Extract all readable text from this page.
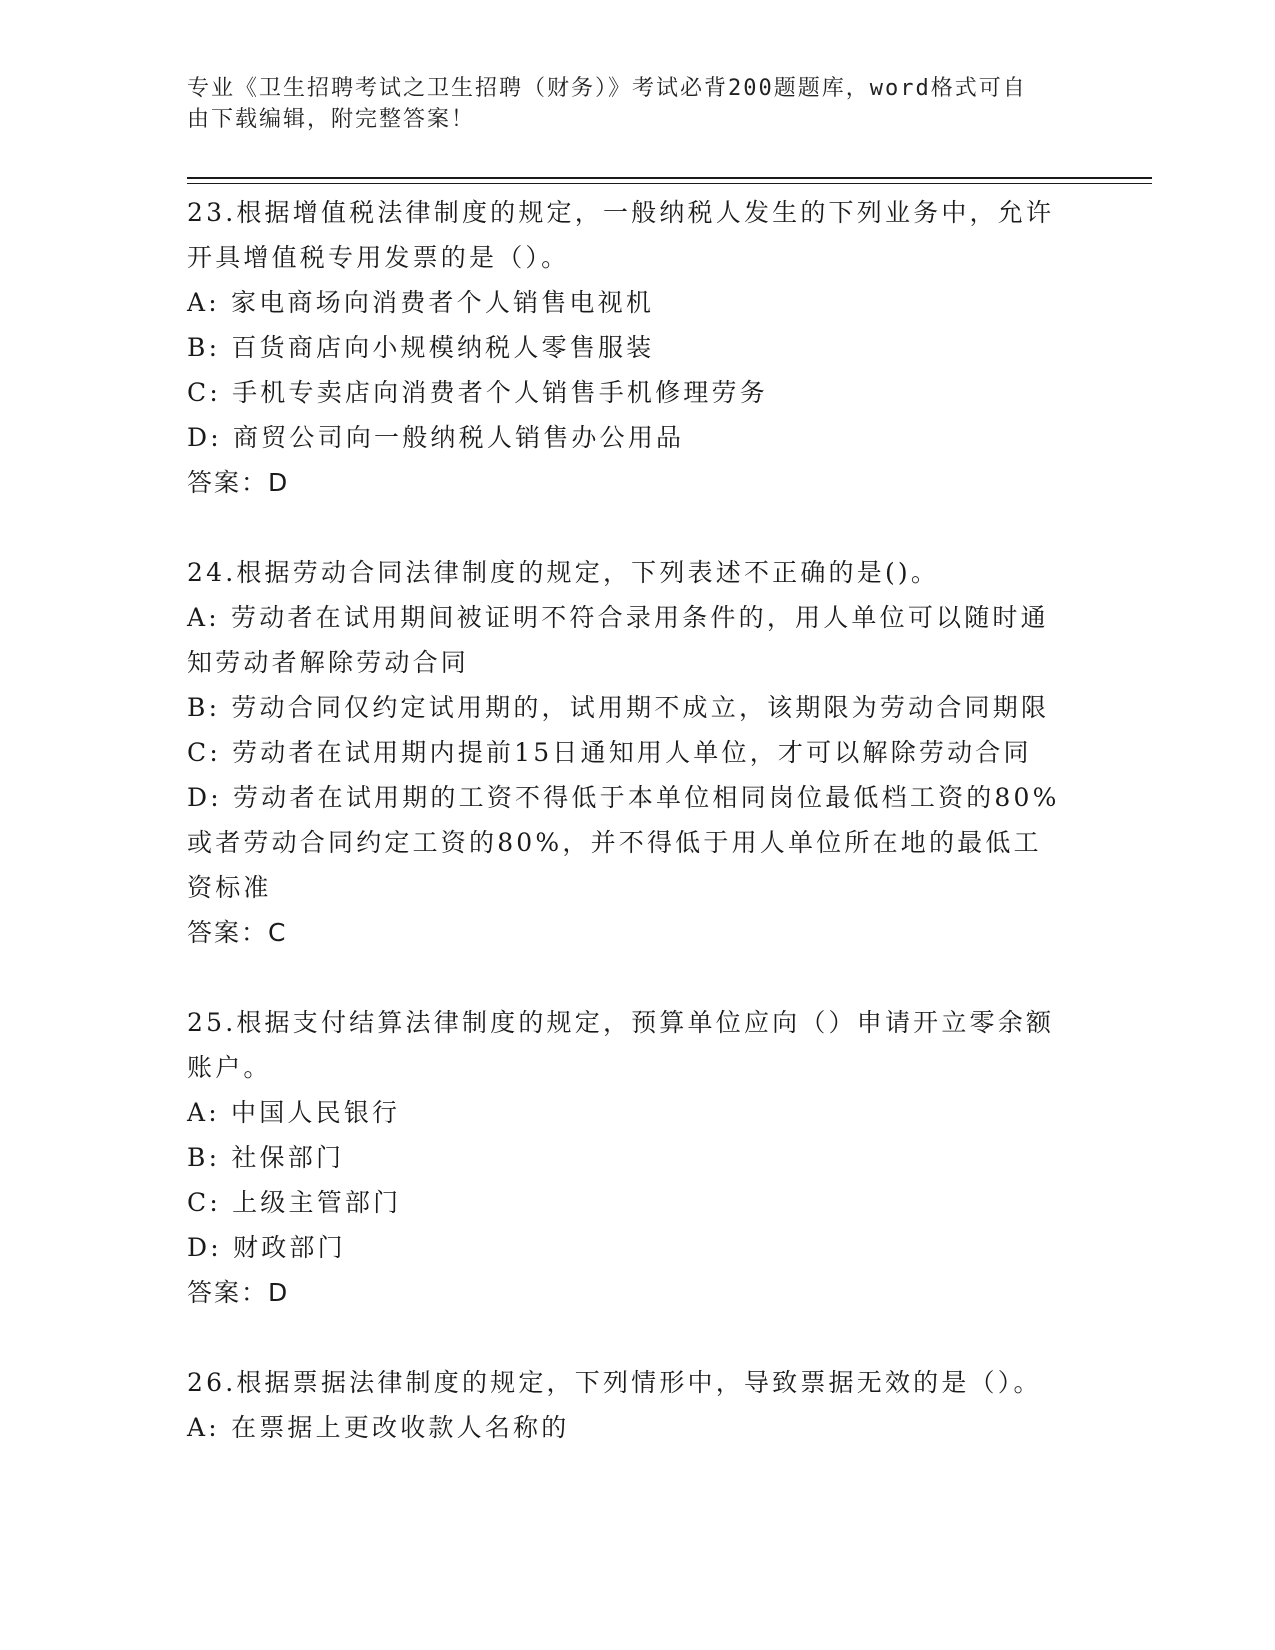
专业《卫生招聘考试之卫生招聘（财务）》考试必背200题题库，word格式可自
由下载编辑，附完整答案！
23.根据增值税法律制度的规定，一般纳税人发生的下列业务中，允许
开具增值税专用发票的是（）。
A: 家电商场向消费者个人销售电视机
B: 百货商店向小规模纳税人零售服装
C: 手机专卖店向消费者个人销售手机修理劳务
D: 商贸公司向一般纳税人销售办公用品
答案：D
24.根据劳动合同法律制度的规定，下列表述不正确的是()。
A: 劳动者在试用期间被证明不符合录用条件的，用人单位可以随时通
知劳动者解除劳动合同
B: 劳动合同仅约定试用期的，试用期不成立，该期限为劳动合同期限
C: 劳动者在试用期内提前15日通知用人单位，才可以解除劳动合同
D: 劳动者在试用期的工资不得低于本单位相同岗位最低档工资的80%
或者劳动合同约定工资的80%，并不得低于用人单位所在地的最低工
资标准
答案：C
25.根据支付结算法律制度的规定，预算单位应向（）申请开立零余额
账户。
A: 中国人民银行
B: 社保部门
C: 上级主管部门
D: 财政部门
答案：D
26.根据票据法律制度的规定，下列情形中，导致票据无效的是（）。
A: 在票据上更改收款人名称的
